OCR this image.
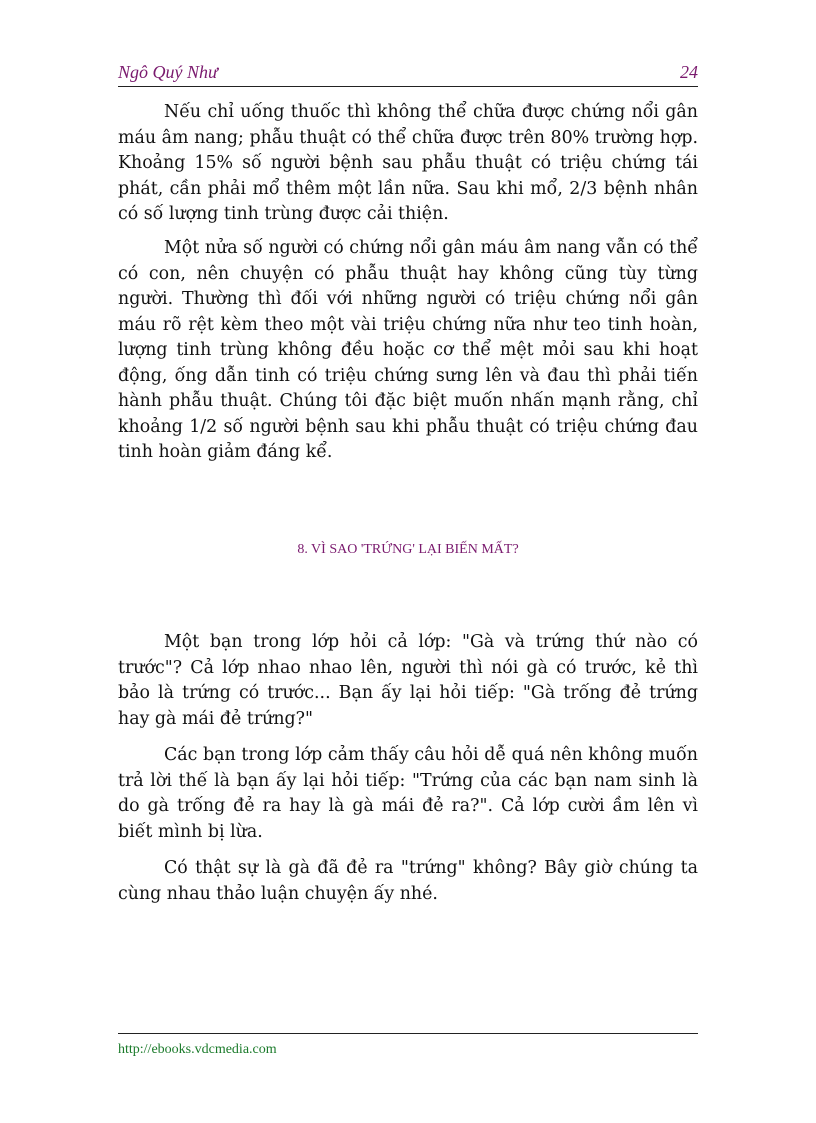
Ngô Quý Như	24

Nếu chỉ uống thuốc thì không thể chữa được chứng nổi gân máu âm nang; phẫu thuật có thể chữa được trên 80% trường hợp. Khoảng 15% số người bệnh sau phẫu thuật có triệu chứng tái phát, cần phải mổ thêm một lần nữa. Sau khi mổ, 2/3 bệnh nhân có số lượng tinh trùng được cải thiện.

Một nửa số người có chứng nổi gân máu âm nang vẫn có thể có con, nên chuyện có phẫu thuật hay không cũng tùy từng người. Thường thì đối với những người có triệu chứng nổi gân máu rõ rệt kèm theo một vài triệu chứng nữa như teo tinh hoàn, lượng tinh trùng không đều hoặc cơ thể mệt mỏi sau khi hoạt động, ống dẫn tinh có triệu chứng sưng lên và đau thì phải tiến hành phẫu thuật. Chúng tôi đặc biệt muốn nhấn mạnh rằng, chỉ khoảng 1/2 số người bệnh sau khi phẫu thuật có triệu chứng đau tinh hoàn giảm đáng kể.

8. VÌ SAO 'TRỨNG' LẠI BIẾN MẤT?

Một bạn trong lớp hỏi cả lớp: "Gà và trứng thứ nào có trước"? Cả lớp nhao nhao lên, người thì nói gà có trước, kẻ thì bảo là trứng có trước... Bạn ấy lại hỏi tiếp: "Gà trống đẻ trứng hay gà mái đẻ trứng?"

Các bạn trong lớp cảm thấy câu hỏi dễ quá nên không muốn trả lời thế là bạn ấy lại hỏi tiếp: "Trứng của các bạn nam sinh là do gà trống đẻ ra hay là gà mái đẻ ra?". Cả lớp cười ầm lên vì biết mình bị lừa.

Có thật sự là gà đã đẻ ra "trứng" không? Bây giờ chúng ta cùng nhau thảo luận chuyện ấy nhé.

http://ebooks.vdcmedia.com
